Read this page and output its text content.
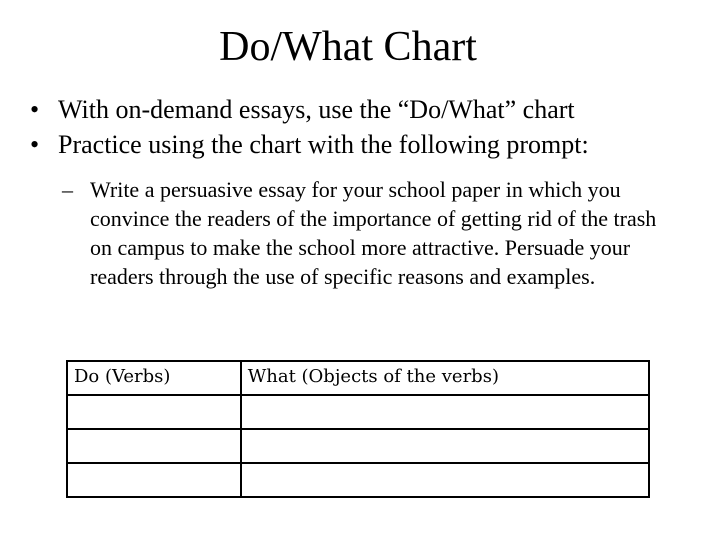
Do/What Chart
• With on-demand essays, use the “Do/What” chart
• Practice using the chart with the following prompt:
– Write a persuasive essay for your school paper in which you convince the readers of the importance of getting rid of the trash on campus to make the school more attractive. Persuade your readers through the use of specific reasons and examples.
Do (Verbs)	What (Objects of the verbs)
